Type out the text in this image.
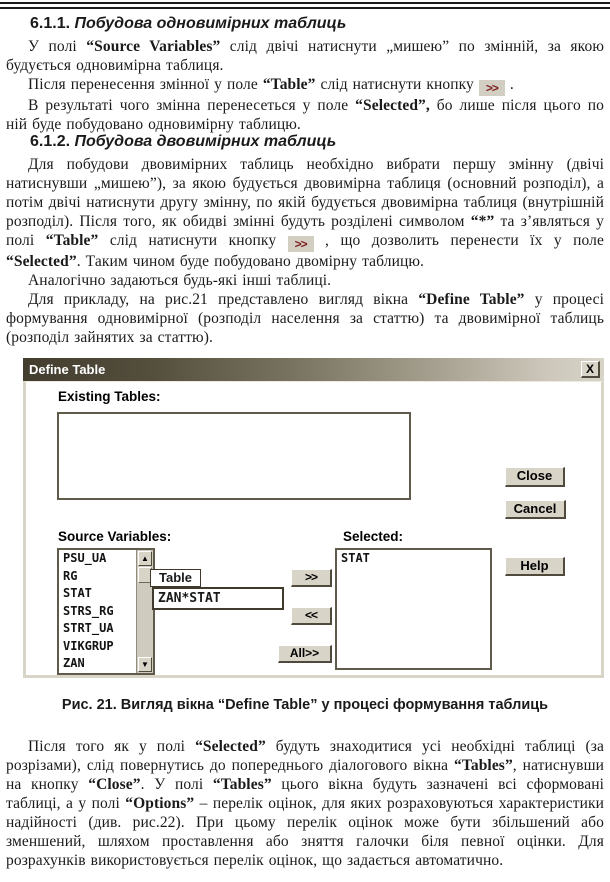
6.1.1. Побудова одновимірних таблиць

У полі “Source Variables” слід двічі натиснути „мишею” по змінній, за якою будується одновимірна таблиця.

Після перенесення змінної у поле “Table” слід натиснути кнопку >> .

В результаті чого змінна перенесеться у поле “Selected”, бо лише після цього по ній буде побудовано одновимірну таблицю.

6.1.2. Побудова двовимірних таблиць

Для побудови двовимірних таблиць необхідно вибрати першу змінну (двічі натиснувши „мишею”), за якою будується двовимірна таблиця (основний розподіл), а потім двічі натиснути другу змінну, по якій будується двовимірна таблиця (внутрішній розподіл). Після того, як обидві змінні будуть розділені символом “*” та з’являться у полі “Table” слід натиснути кнопку >> , що дозволить перенести їх у поле “Selected”. Таким чином буде побудовано двомірну таблицю.

Аналогічно задаються будь-які інші таблиці.

Для прикладу, на рис.21 представлено вигляд вікна “Define Table” у процесі формування одновимірної (розподіл населення за статтю) та двовимірної таблиць (розподіл зайнятих за статтю).

Define Table	X
Existing Tables:
Close
Cancel
Help
Source Variables:
PSU_UA
RG
STAT
STRS_RG
STRT_UA
VIKGRUP
ZAN
▲
▼
Table
ZAN*STAT
>>
<<
All>>
Selected:
STAT
Рис. 21. Вигляд вікна “Define Table” у процесі формування таблиць

Після того як у полі “Selected” будуть знаходитися усі необхідні таблиці (за розрізами), слід повернутись до попереднього діалогового вікна “Tables”, натиснувши на кнопку “Close”. У полі “Tables” цього вікна будуть зазначені всі сформовані таблиці, а у полі “Options” – перелік оцінок, для яких розраховуються характеристики надійності (див. рис.22). При цьому перелік оцінок може бути збільшений або зменшений, шляхом проставлення або зняття галочки біля певної оцінки. Для розрахунків використовується перелік оцінок, що задається автоматично.
